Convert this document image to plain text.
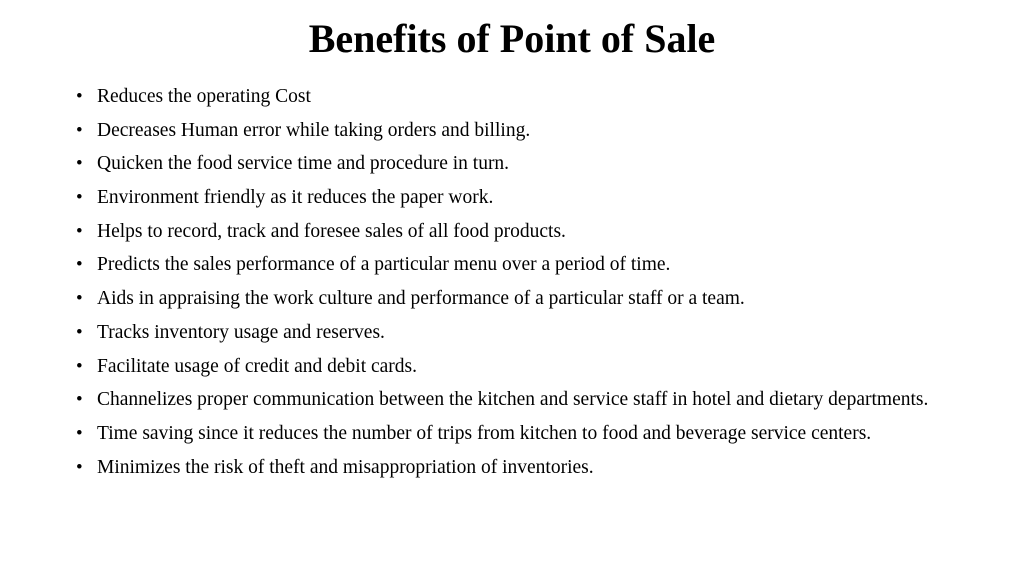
Benefits of Point of Sale
• Reduces the operating Cost
• Decreases Human error while taking orders and billing.
• Quicken the food service time and procedure in turn.
• Environment friendly as it reduces the paper work.
• Helps to record, track and foresee sales of all food products.
• Predicts the sales performance of a particular menu over a period of time.
• Aids in appraising the work culture and performance of a particular staff or a team.
• Tracks inventory usage and reserves.
• Facilitate usage of credit and debit cards.
• Channelizes proper communication between the kitchen and service staff in hotel and dietary departments.
• Time saving since it reduces the number of trips from kitchen to food and beverage service centers.
• Minimizes the risk of theft and misappropriation of inventories.
